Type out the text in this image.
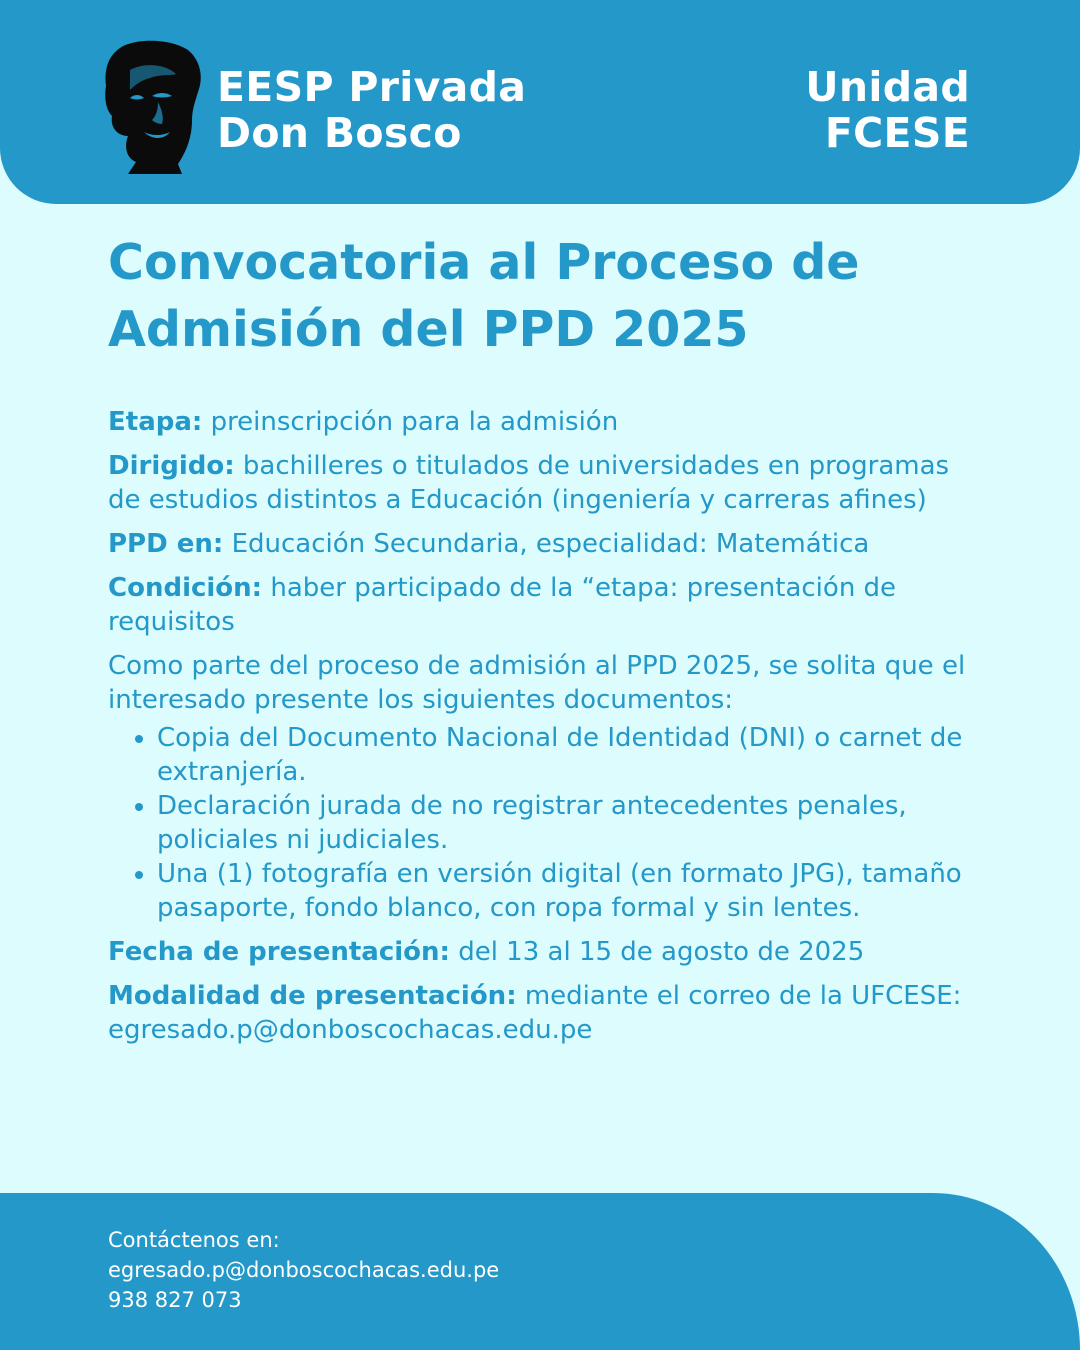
EESP Privada
Don Bosco
Unidad
FCESE
Convocatoria al Proceso de
Admisión del PPD 2025

Etapa: preinscripción para la admisión

Dirigido: bachilleres o titulados de universidades en programas de estudios distintos a Educación (ingeniería y carreras afines)

PPD en: Educación Secundaria, especialidad: Matemática

Condición: haber participado de la “etapa: presentación de requisitos

Como parte del proceso de admisión al PPD 2025, se solita que el interesado presente los siguientes documentos:

• Copia del Documento Nacional de Identidad (DNI) o carnet de extranjería.
• Declaración jurada de no registrar antecedentes penales, policiales ni judiciales.
• Una (1) fotografía en versión digital (en formato JPG), tamaño pasaporte, fondo blanco, con ropa formal y sin lentes.

Fecha de presentación: del 13 al 15 de agosto de 2025

Modalidad de presentación: mediante el correo de la UFCESE: egresado.p@donboscochacas.edu.pe

Contáctenos en:
egresado.p@donboscochacas.edu.pe
938 827 073
